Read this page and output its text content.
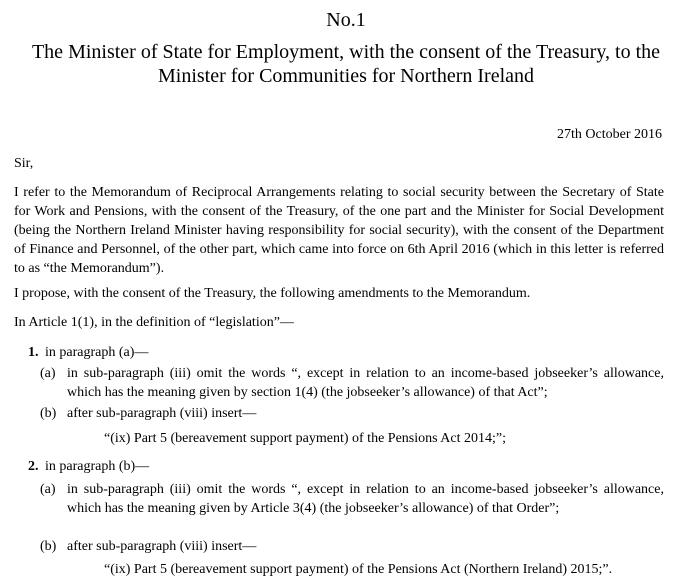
No.1
The Minister of State for Employment, with the consent of the Treasury, to the
Minister for Communities for Northern Ireland
27th October 2016
Sir,
I refer to the Memorandum of Reciprocal Arrangements relating to social security between the Secretary of State for Work and Pensions, with the consent of the Treasury, of the one part and the Minister for Social Development (being the Northern Ireland Minister having responsibility for social security), with the consent of the Department of Finance and Personnel, of the other part, which came into force on 6th April 2016 (which in this letter is referred to as “the Memorandum”).
I propose, with the consent of the Treasury, the following amendments to the Memorandum.
In Article 1(1), in the definition of “legislation”—
1. in paragraph (a)—
(a) in sub-paragraph (iii) omit the words “, except in relation to an income-based jobseeker’s allowance, which has the meaning given by section 1(4) (the jobseeker’s allowance) of that Act”;
(b) after sub-paragraph (viii) insert—
“(ix) Part 5 (bereavement support payment) of the Pensions Act 2014;”;
2. in paragraph (b)—
(a) in sub-paragraph (iii) omit the words “, except in relation to an income-based jobseeker’s allowance, which has the meaning given by Article 3(4) (the jobseeker’s allowance) of that Order”;
(b) after sub-paragraph (viii) insert—
“(ix) Part 5 (bereavement support payment) of the Pensions Act (Northern Ireland) 2015;”.
